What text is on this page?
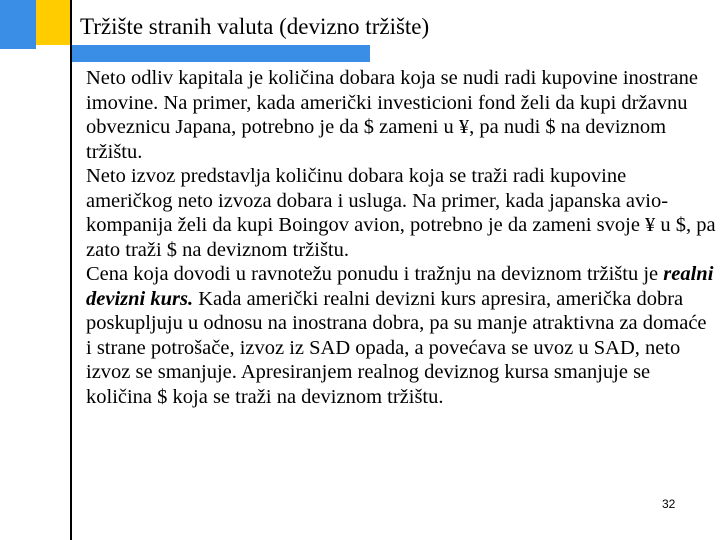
Tržište stranih valuta (devizno tržište)

Neto odliv kapitala je količina dobara koja se nudi radi kupovine inostrane imovine. Na primer, kada američki investicioni fond želi da kupi državnu obveznicu Japana, potrebno je da $ zameni u ¥, pa nudi $ na deviznom tržištu.

Neto izvoz predstavlja količinu dobara koja se traži radi kupovine američkog neto izvoza dobara i usluga. Na primer, kada japanska avio-kompanija želi da kupi Boingov avion, potrebno je da zameni svoje ¥ u $, pa zato traži $ na deviznom tržištu.

Cena koja dovodi u ravnotežu ponudu i tražnju na deviznom tržištu je realni devizni kurs. Kada američki realni devizni kurs apresira, američka dobra poskupljuju u odnosu na inostrana dobra, pa su manje atraktivna za domaće i strane potrošače, izvoz iz SAD opada, a povećava se uvoz u SAD, neto izvoz se smanjuje. Apresiranjem realnog deviznog kursa smanjuje se količina $ koja se traži na deviznom tržištu.

32
